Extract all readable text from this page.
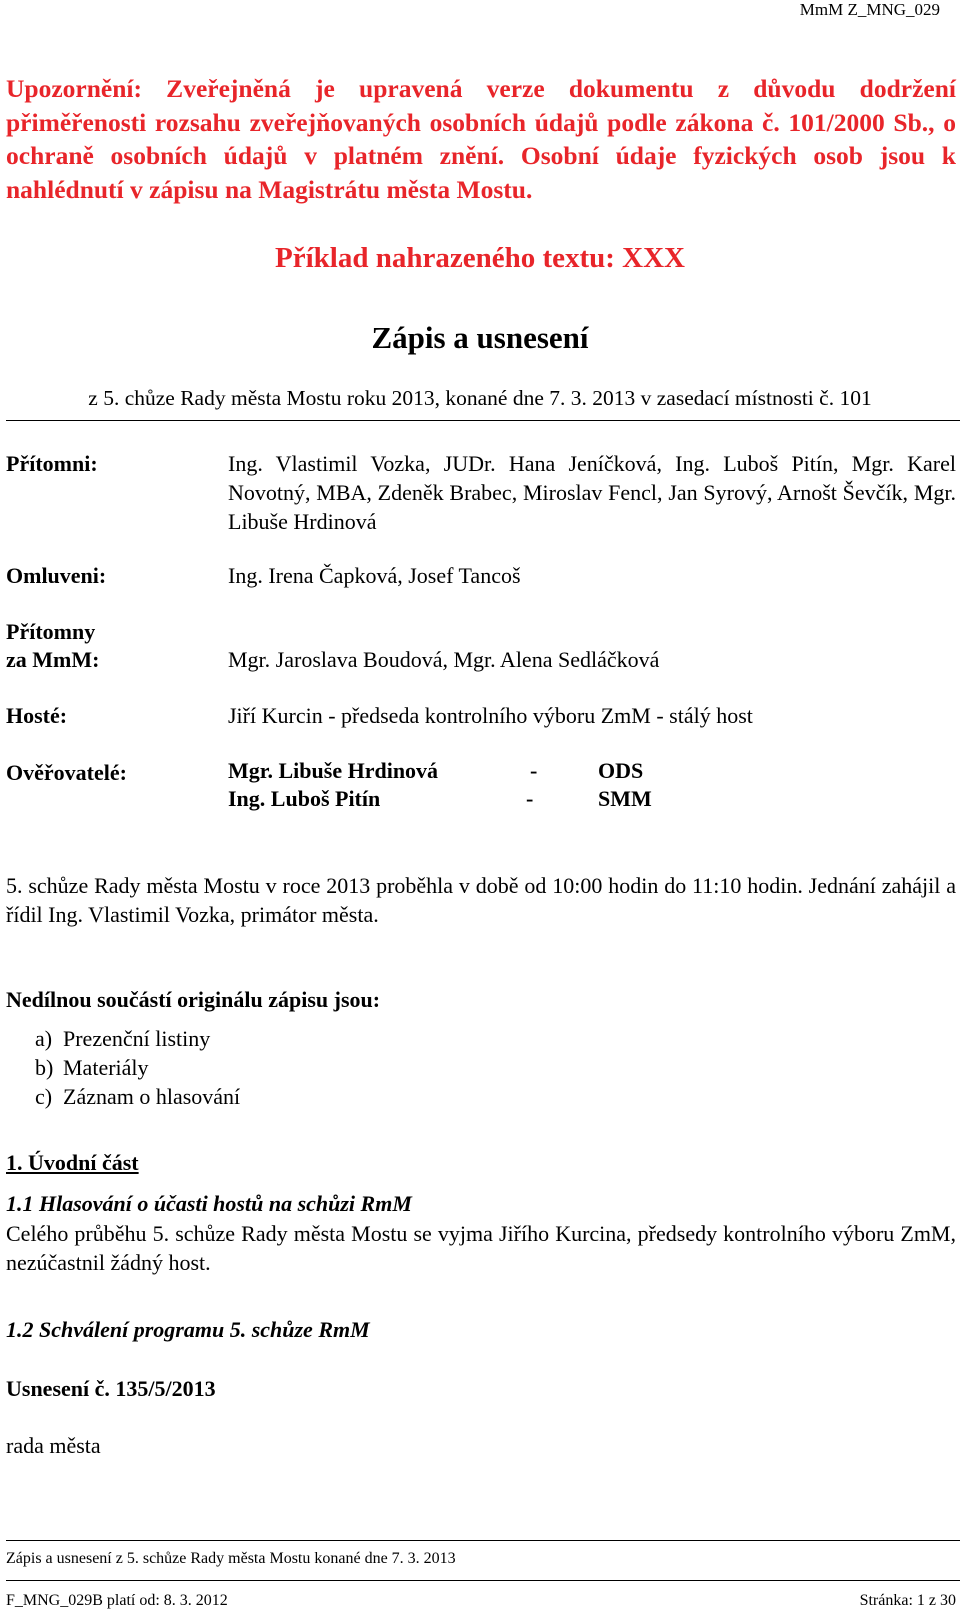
MmM Z_MNG_029
Upozornění: Zveřejněná je upravená verze dokumentu z důvodu dodržení přiměřenosti rozsahu zveřejňovaných osobních údajů podle zákona č. 101/2000 Sb., o ochraně osobních údajů v platném znění. Osobní údaje fyzických osob jsou k nahlédnutí v zápisu na Magistrátu města Mostu.
Příklad nahrazeného textu: XXX
Zápis a usnesení
z 5. chůze Rady města Mostu roku 2013, konané dne 7. 3. 2013 v zasedací místnosti č. 101
Přítomni:	Ing. Vlastimil Vozka, JUDr. Hana Jeníčková, Ing. Luboš Pitín, Mgr. Karel Novotný, MBA, Zdeněk Brabec, Miroslav Fencl, Jan Syrový, Arnošt Ševčík, Mgr. Libuše Hrdinová
Omluveni:	Ing. Irena Čapková, Josef Tancoš
Přítomny
za MmM:	Mgr. Jaroslava Boudová, Mgr. Alena Sedláčková
Hosté:	Jiří Kurcin - předseda kontrolního výboru ZmM - stálý host
Ověřovatelé:	Mgr. Libuše Hrdinová	-	ODS
Ing. Luboš Pitín	-	SMM
5. schůze Rady města Mostu v roce 2013 proběhla v době od 10:00 hodin do 11:10 hodin. Jednání zahájil a řídil Ing. Vlastimil Vozka, primátor města.
Nedílnou součástí originálu zápisu jsou:
a) Prezenční listiny
b) Materiály
c) Záznam o hlasování
1. Úvodní část
1.1 Hlasování o účasti hostů na schůzi RmM
Celého průběhu 5. schůze Rady města Mostu se vyjma Jiřího Kurcina, předsedy kontrolního výboru ZmM, nezúčastnil žádný host.
1.2 Schválení programu 5. schůze RmM
Usnesení č. 135/5/2013
rada města
Zápis a usnesení z 5. schůze Rady města Mostu konané dne 7. 3. 2013
F_MNG_029B platí od: 8. 3. 2012	Stránka: 1 z 30
